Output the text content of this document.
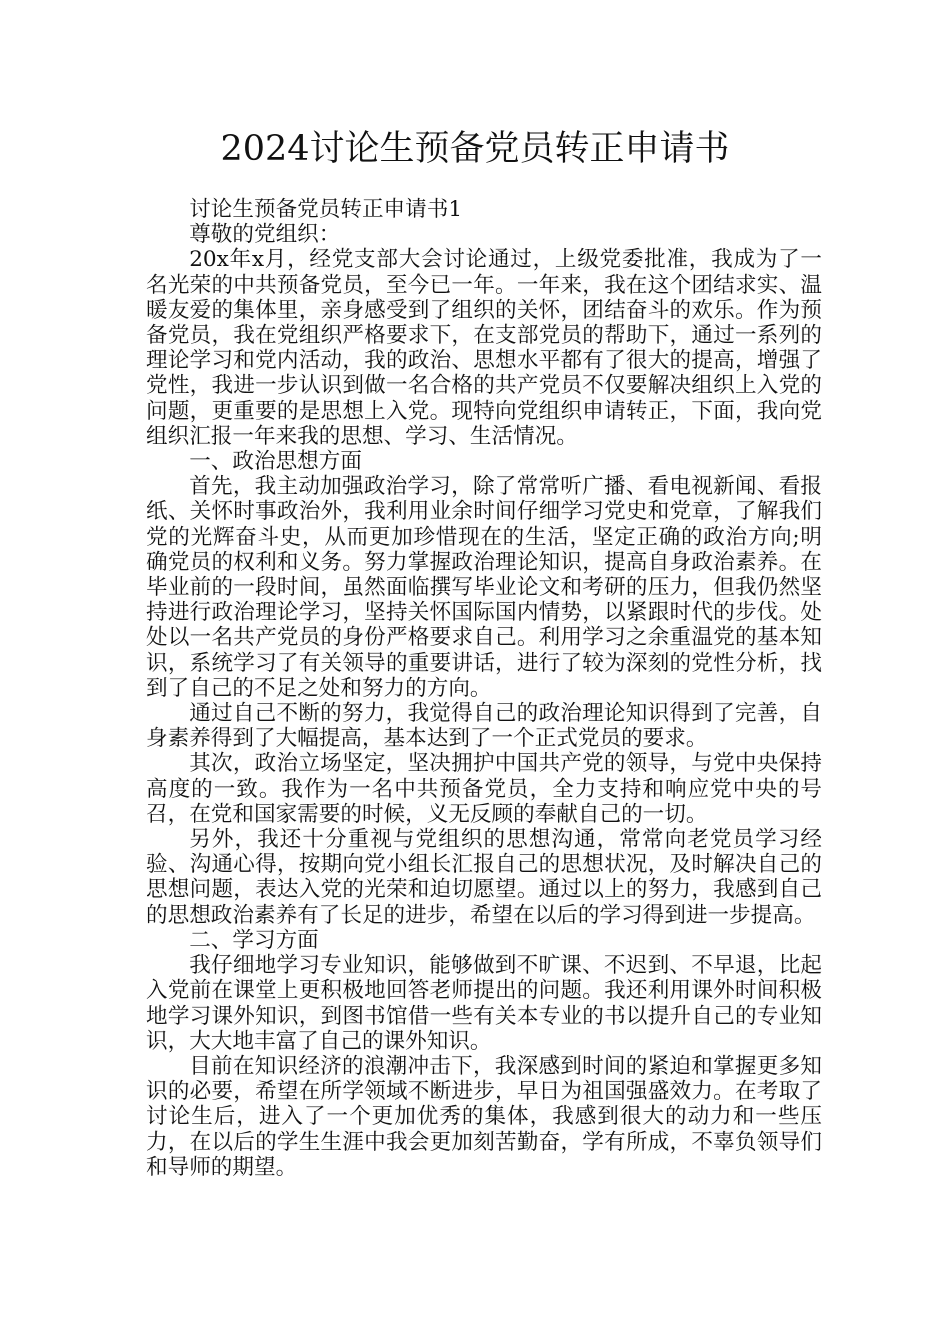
2024讨论生预备党员转正申请书

讨论生预备党员转正申请书1

尊敬的党组织：

20x年x月，经党支部大会讨论通过，上级党委批准，我成为了一名光荣的中共预备党员，至今已一年。一年来，我在这个团结求实、温暖友爱的集体里，亲身感受到了组织的关怀，团结奋斗的欢乐。作为预备党员，我在党组织严格要求下，在支部党员的帮助下，通过一系列的理论学习和党内活动，我的政治、思想水平都有了很大的提高，增强了党性，我进一步认识到做一名合格的共产党员不仅要解决组织上入党的问题，更重要的是思想上入党。现特向党组织申请转正，下面，我向党组织汇报一年来我的思想、学习、生活情况。

一、政治思想方面

首先，我主动加强政治学习，除了常常听广播、看电视新闻、看报纸、关怀时事政治外，我利用业余时间仔细学习党史和党章，了解我们党的光辉奋斗史，从而更加珍惜现在的生活，坚定正确的政治方向;明确党员的权利和义务。努力掌握政治理论知识，提高自身政治素养。在毕业前的一段时间，虽然面临撰写毕业论文和考研的压力，但我仍然坚持进行政治理论学习，坚持关怀国际国内情势，以紧跟时代的步伐。处处以一名共产党员的身份严格要求自己。利用学习之余重温党的基本知识，系统学习了有关领导的重要讲话，进行了较为深刻的党性分析，找到了自己的不足之处和努力的方向。

通过自己不断的努力，我觉得自己的政治理论知识得到了完善，自身素养得到了大幅提高，基本达到了一个正式党员的要求。

其次，政治立场坚定，坚决拥护中国共产党的领导，与党中央保持高度的一致。我作为一名中共预备党员，全力支持和响应党中央的号召，在党和国家需要的时候，义无反顾的奉献自己的一切。

另外，我还十分重视与党组织的思想沟通，常常向老党员学习经验、沟通心得，按期向党小组长汇报自己的思想状况，及时解决自己的思想问题，表达入党的光荣和迫切愿望。通过以上的努力，我感到自己的思想政治素养有了长足的进步，希望在以后的学习得到进一步提高。

二、学习方面

我仔细地学习专业知识，能够做到不旷课、不迟到、不早退，比起入党前在课堂上更积极地回答老师提出的问题。我还利用课外时间积极地学习课外知识，到图书馆借一些有关本专业的书以提升自己的专业知识，大大地丰富了自己的课外知识。

目前在知识经济的浪潮冲击下，我深感到时间的紧迫和掌握更多知识的必要，希望在所学领域不断进步，早日为祖国强盛效力。在考取了讨论生后，进入了一个更加优秀的集体，我感到很大的动力和一些压力，在以后的学生生涯中我会更加刻苦勤奋，学有所成，不辜负领导们和导师的期望。
